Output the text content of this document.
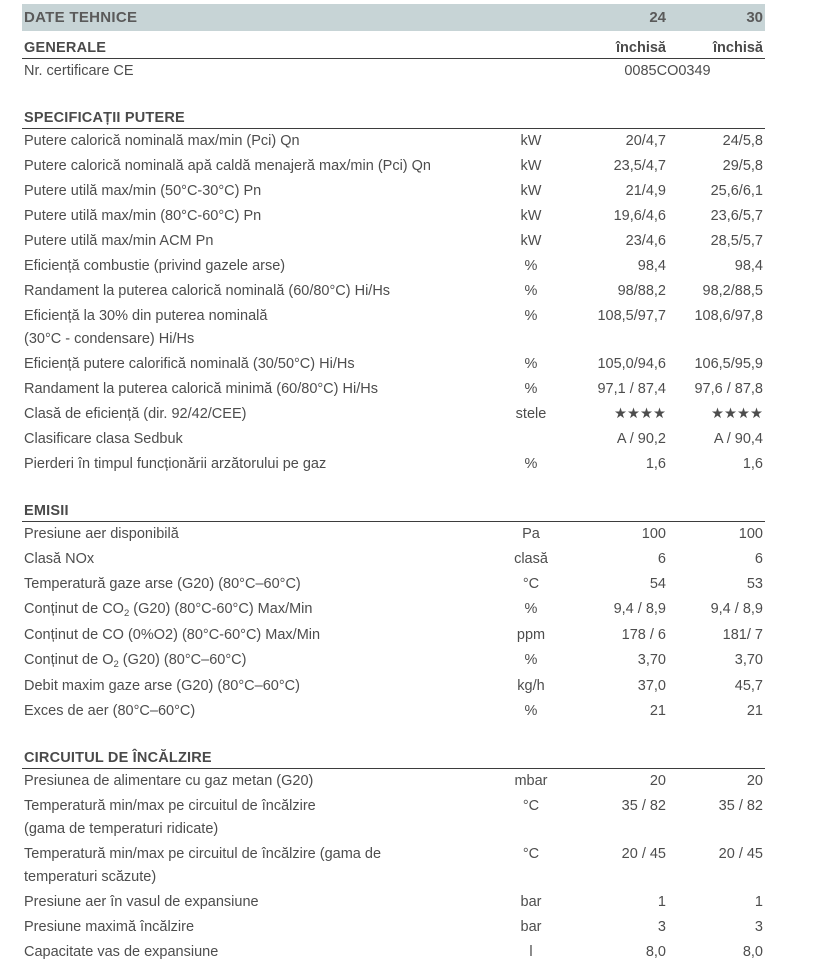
DATE TEHNICE		24	30
GENERALE		închisă	închisă
Nr. certificare CE		0085CO0349	
SPECIFICAȚII PUTERE			
Putere calorică nominală max/min (Pci) Qn	kW	20/4,7	24/5,8
Putere calorică nominală apă caldă menajeră max/min (Pci) Qn	kW	23,5/4,7	29/5,8
Putere utilă max/min (50°C-30°C) Pn	kW	21/4,9	25,6/6,1
Putere utilă max/min (80°C-60°C) Pn	kW	19,6/4,6	23,6/5,7
Putere utilă max/min ACM Pn	kW	23/4,6	28,5/5,7
Eficiență combustie (privind gazele arse)	%	98,4	98,4
Randament la puterea calorică nominală (60/80°C) Hi/Hs	%	98/88,2	98,2/88,5
Eficiență la 30% din puterea nominală
(30°C - condensare) Hi/Hs	%	108,5/97,7	108,6/97,8
Eficiență putere calorifică nominală (30/50°C) Hi/Hs	%	105,0/94,6	106,5/95,9
Randament la puterea calorică minimă (60/80°C) Hi/Hs	%	97,1 / 87,4	97,6 / 87,8
Clasă de eficiență (dir. 92/42/CEE)	stele	★★★★	★★★★
Clasificare clasa Sedbuk		A / 90,2	A / 90,4
Pierderi în timpul funcționării arzătorului pe gaz	%	1,6	1,6
EMISII			
Presiune aer disponibilă	Pa	100	100
Clasă NOx	clasă	6	6
Temperatură gaze arse (G20) (80°C–60°C)	°C	54	53
Conținut de $CO_2$ (G20) (80°C-60°C) Max/Min	%	9,4 / 8,9	9,4 / 8,9
Conținut de CO (0%O2) (80°C-60°C) Max/Min	ppm	178 / 6	181/ 7
Conținut de $O_2$ (G20) (80°C–60°C)	%	3,70	3,70
Debit maxim gaze arse (G20) (80°C–60°C)	kg/h	37,0	45,7
Exces de aer (80°C–60°C)	%	21	21
CIRCUITUL DE ÎNCĂLZIRE			
Presiunea de alimentare cu gaz metan (G20)	mbar	20	20
Temperatură min/max pe circuitul de încălzire
(gama de temperaturi ridicate)	°C	35 / 82	35 / 82
Temperatură min/max pe circuitul de încălzire (gama de
temperaturi scăzute)	°C	20 / 45	20 / 45
Presiune aer în vasul de expansiune	bar	1	1
Presiune maximă încălzire	bar	3	3
Capacitate vas de expansiune	l	8,0	8,0
